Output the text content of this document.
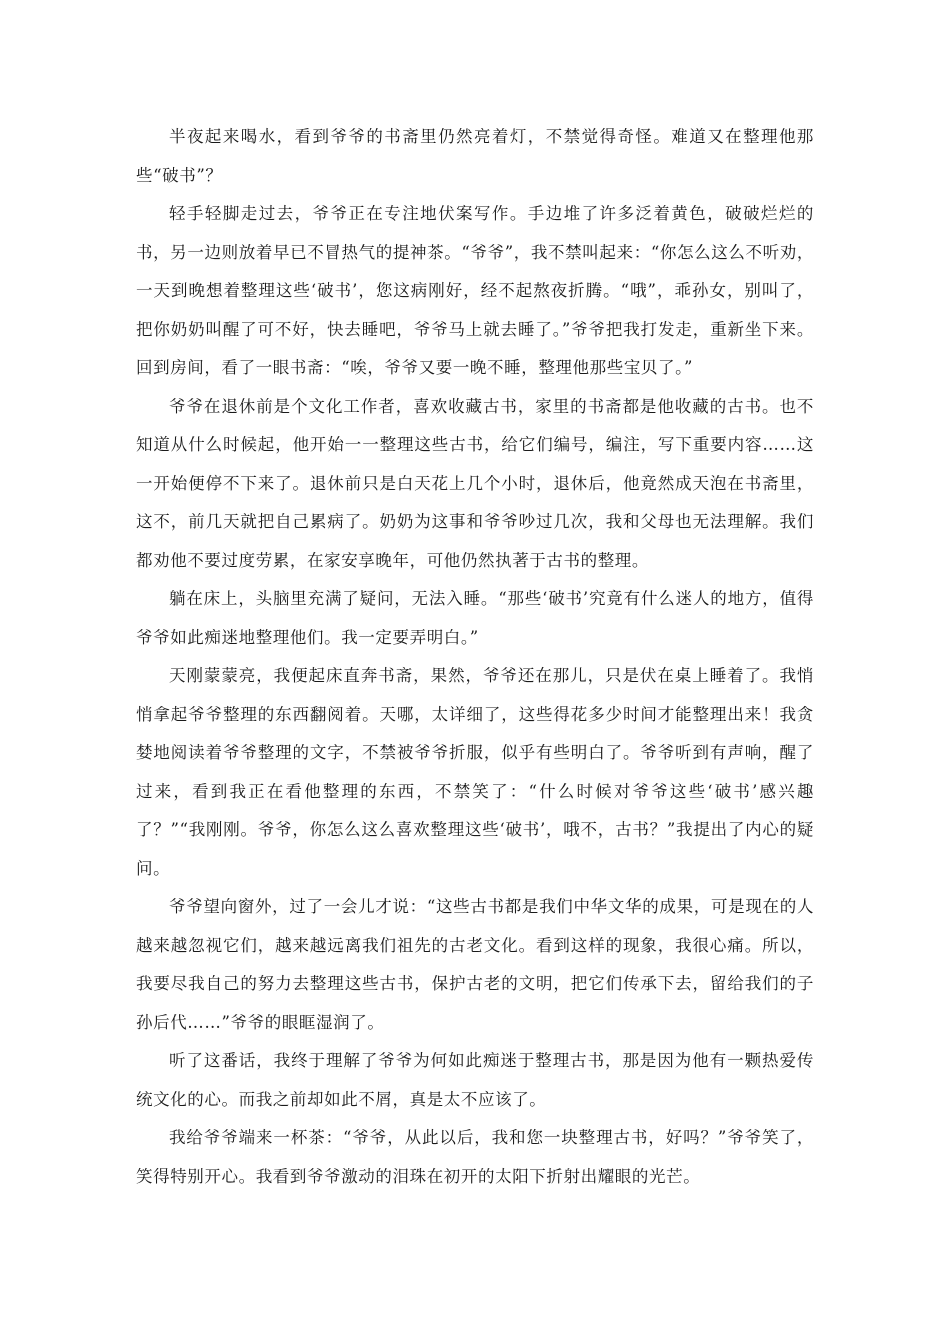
半夜起来喝水，看到爷爷的书斋里仍然亮着灯，不禁觉得奇怪。难道又在整理他那些“破书”？

轻手轻脚走过去，爷爷正在专注地伏案写作。手边堆了许多泛着黄色，破破烂烂的书，另一边则放着早已不冒热气的提神茶。“爷爷”，我不禁叫起来：“你怎么这么不听劝，一天到晚想着整理这些‘破书’，您这病刚好，经不起熬夜折腾。“哦”，乖孙女，别叫了，把你奶奶叫醒了可不好，快去睡吧，爷爷马上就去睡了。”爷爷把我打发走，重新坐下来。回到房间，看了一眼书斋：“唉，爷爷又要一晚不睡，整理他那些宝贝了。”

爷爷在退休前是个文化工作者，喜欢收藏古书，家里的书斋都是他收藏的古书。也不知道从什么时候起，他开始一一整理这些古书，给它们编号，编注，写下重要内容……这一开始便停不下来了。退休前只是白天花上几个小时，退休后，他竟然成天泡在书斋里，这不，前几天就把自己累病了。奶奶为这事和爷爷吵过几次，我和父母也无法理解。我们都劝他不要过度劳累，在家安享晚年，可他仍然执著于古书的整理。

躺在床上，头脑里充满了疑问，无法入睡。“那些‘破书’究竟有什么迷人的地方，值得爷爷如此痴迷地整理他们。我一定要弄明白。”

天刚蒙蒙亮，我便起床直奔书斋，果然，爷爷还在那儿，只是伏在桌上睡着了。我悄悄拿起爷爷整理的东西翻阅着。天哪，太详细了，这些得花多少时间才能整理出来！我贪婪地阅读着爷爷整理的文字，不禁被爷爷折服，似乎有些明白了。爷爷听到有声响，醒了过来，看到我正在看他整理的东西，不禁笑了：“什么时候对爷爷这些‘破书’感兴趣了？”“我刚刚。爷爷，你怎么这么喜欢整理这些‘破书’，哦不，古书？”我提出了内心的疑问。

爷爷望向窗外，过了一会儿才说：“这些古书都是我们中华文华的成果，可是现在的人越来越忽视它们，越来越远离我们祖先的古老文化。看到这样的现象，我很心痛。所以，我要尽我自己的努力去整理这些古书，保护古老的文明，把它们传承下去，留给我们的子孙后代……”爷爷的眼眶湿润了。

听了这番话，我终于理解了爷爷为何如此痴迷于整理古书，那是因为他有一颗热爱传统文化的心。而我之前却如此不屑，真是太不应该了。

我给爷爷端来一杯茶：“爷爷，从此以后，我和您一块整理古书，好吗？”爷爷笑了，笑得特别开心。我看到爷爷激动的泪珠在初开的太阳下折射出耀眼的光芒。
